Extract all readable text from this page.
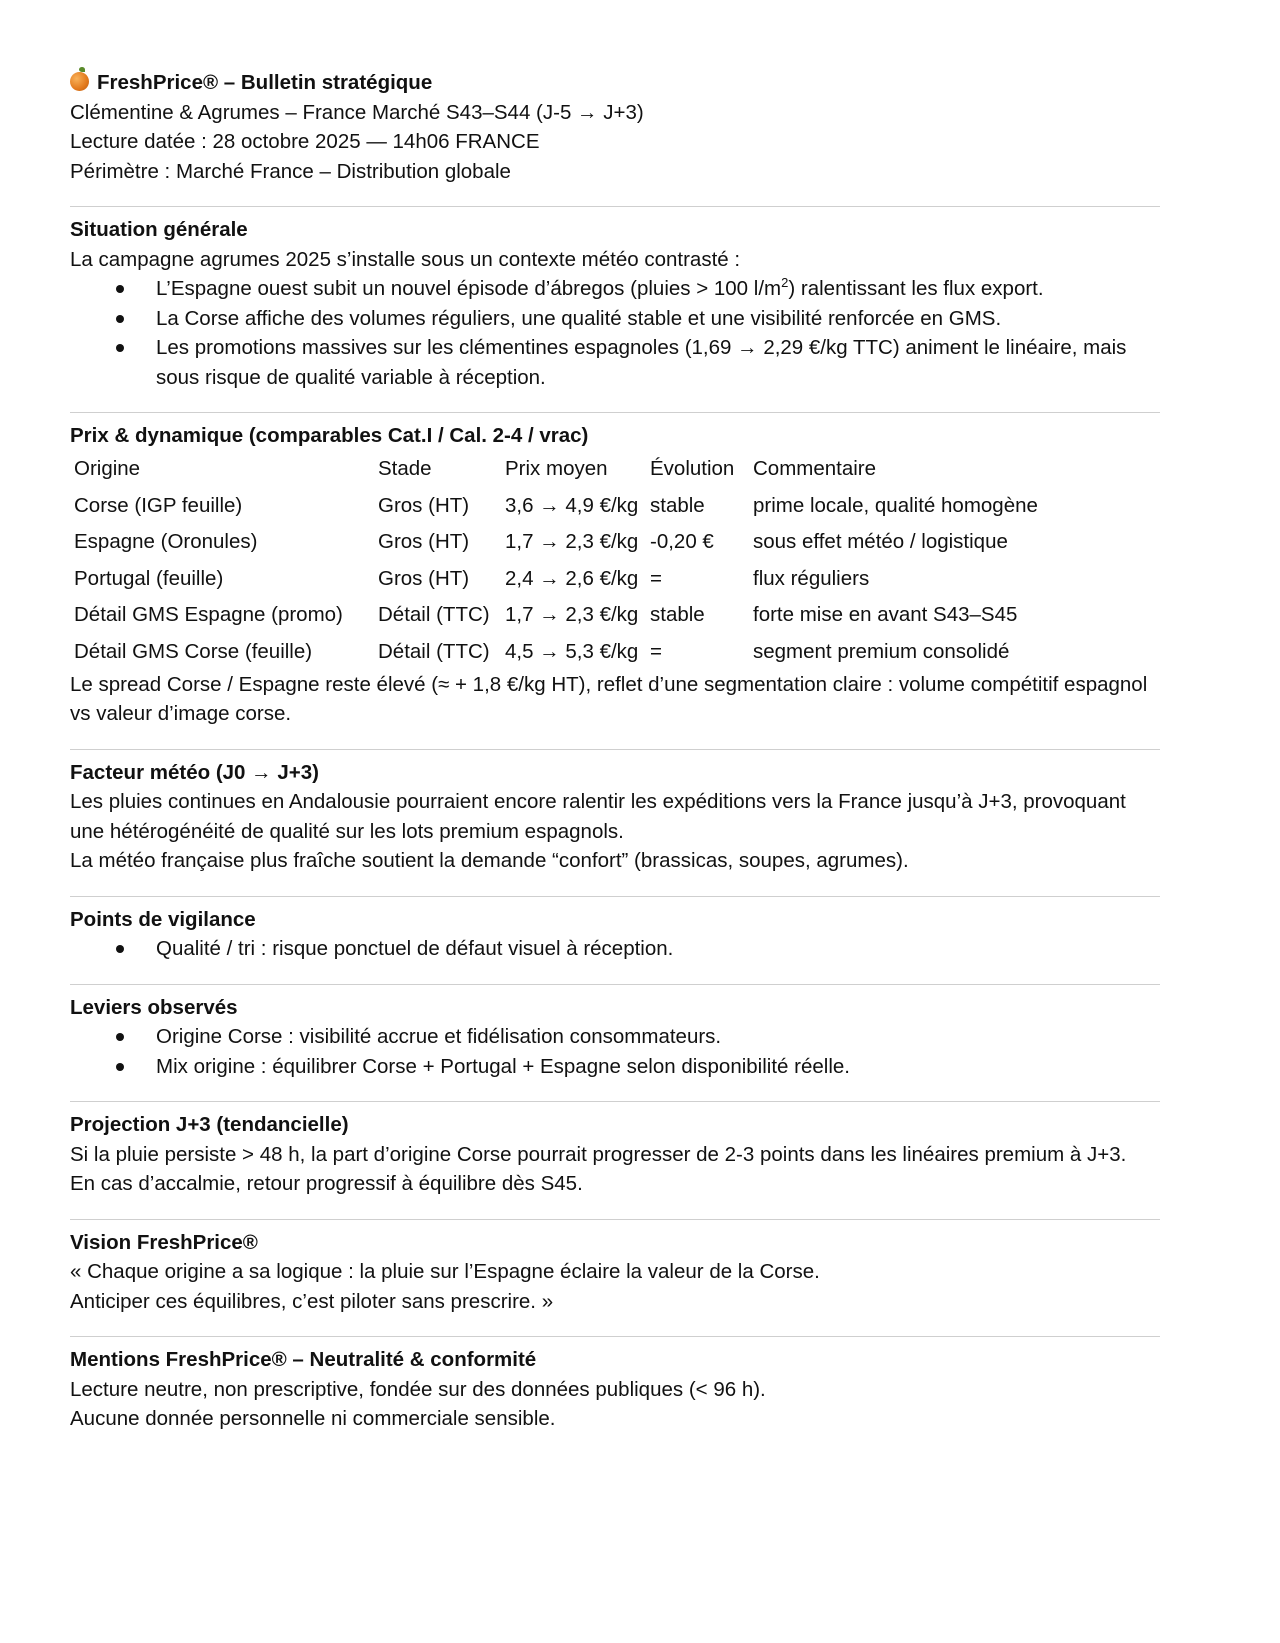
FreshPrice® – Bulletin stratégique

Clémentine & Agrumes – France Marché S43–S44 (J-5 → J+3)

Lecture datée : 28 octobre 2025 — 14h06 FRANCE

Périmètre : Marché France – Distribution globale

Situation générale

La campagne agrumes 2025 s’installe sous un contexte météo contrasté :

L’Espagne ouest subit un nouvel épisode d’ábregos (pluies > 100 $l/m^2$) ralentissant les flux export.
La Corse affiche des volumes réguliers, une qualité stable et une visibilité renforcée en GMS.
Les promotions massives sur les clémentines espagnoles (1,69 → 2,29 €/kg TTC) animent le linéaire, mais sous risque de qualité variable à réception.
Prix & dynamique (comparables Cat.I / Cal. 2-4 / vrac)
Origine	Stade	Prix moyen	Évolution	Commentaire
Corse (IGP feuille)	Gros (HT)	3,6 → 4,9 €/kg	stable	prime locale, qualité homogène
Espagne (Oronules)	Gros (HT)	1,7 → 2,3 €/kg	-0,20 €	sous effet météo / logistique
Portugal (feuille)	Gros (HT)	2,4 → 2,6 €/kg	=	flux réguliers
Détail GMS Espagne (promo)	Détail (TTC)	1,7 → 2,3 €/kg	stable	forte mise en avant S43–S45
Détail GMS Corse (feuille)	Détail (TTC)	4,5 → 5,3 €/kg	=	segment premium consolidé

Le spread Corse / Espagne reste élevé (≈ + 1,8 €/kg HT), reflet d’une segmentation claire : volume compétitif espagnol vs valeur d’image corse.

Facteur météo (J0 → J+3)

Les pluies continues en Andalousie pourraient encore ralentir les expéditions vers la France jusqu’à J+3, provoquant une hétérogénéité de qualité sur les lots premium espagnols.

La météo française plus fraîche soutient la demande “confort” (brassicas, soupes, agrumes).

Points de vigilance
Qualité / tri : risque ponctuel de défaut visuel à réception.
Leviers observés
Origine Corse : visibilité accrue et fidélisation consommateurs.
Mix origine : équilibrer Corse + Portugal + Espagne selon disponibilité réelle.
Projection J+3 (tendancielle)

Si la pluie persiste > 48 h, la part d’origine Corse pourrait progresser de 2-3 points dans les linéaires premium à J+3.

En cas d’accalmie, retour progressif à équilibre dès S45.

Vision FreshPrice®

« Chaque origine a sa logique : la pluie sur l’Espagne éclaire la valeur de la Corse.

Anticiper ces équilibres, c’est piloter sans prescrire. »

Mentions FreshPrice® – Neutralité & conformité

Lecture neutre, non prescriptive, fondée sur des données publiques (< 96 h).

Aucune donnée personnelle ni commerciale sensible.
